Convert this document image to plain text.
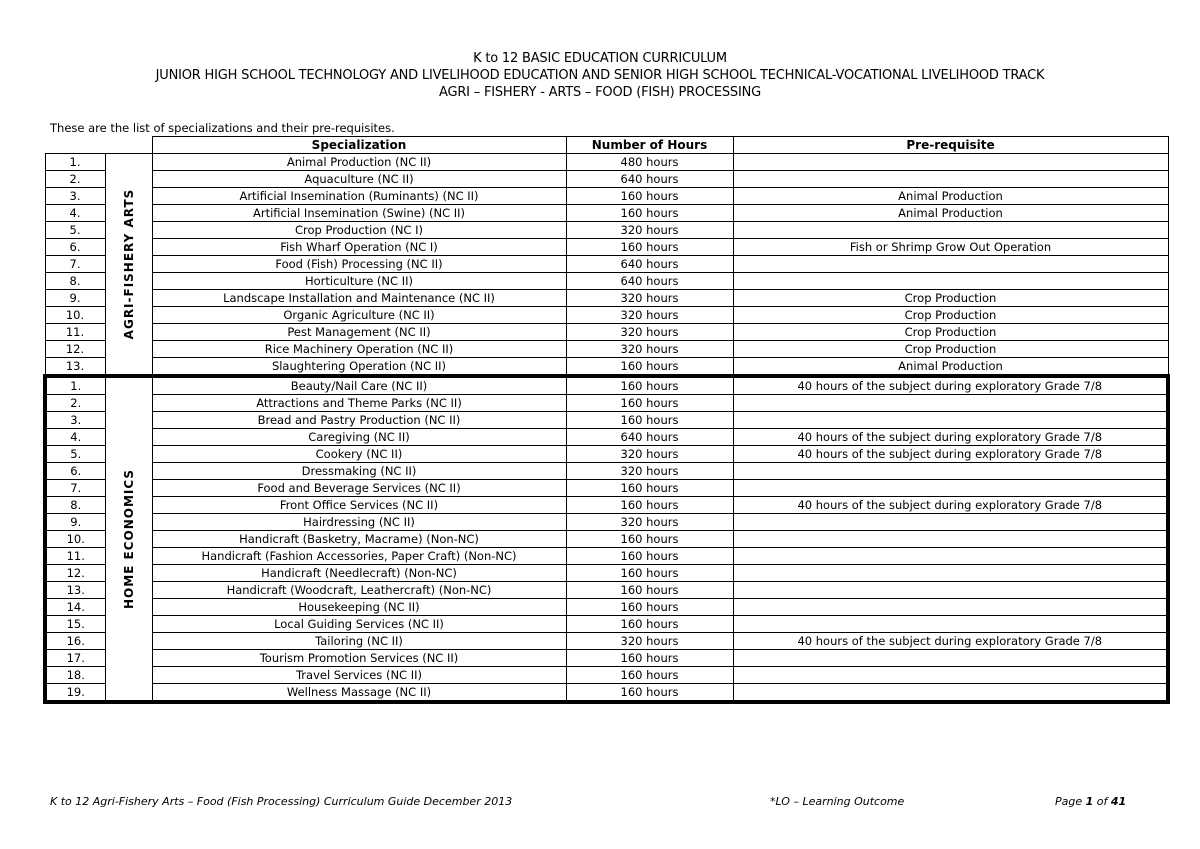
K to 12 BASIC EDUCATION CURRICULUM
JUNIOR HIGH SCHOOL TECHNOLOGY AND LIVELIHOOD EDUCATION AND SENIOR HIGH SCHOOL TECHNICAL-VOCATIONAL LIVELIHOOD TRACK
AGRI – FISHERY - ARTS – FOOD (FISH) PROCESSING
These are the list of specializations and their pre-requisites.
		Specialization	Number of Hours	Pre-requisite
1.	AGRI-FISHERY ARTS	Animal Production (NC II)	480 hours	
2.		Aquaculture (NC II)	640 hours	
3.		Artificial Insemination (Ruminants) (NC II)	160 hours	Animal Production
4.		Artificial Insemination (Swine) (NC II)	160 hours	Animal Production
5.		Crop Production (NC I)	320 hours	
6.		Fish Wharf Operation (NC I)	160 hours	Fish or Shrimp Grow Out Operation
7.		Food (Fish) Processing (NC II)	640 hours	
8.		Horticulture (NC II)	640 hours	
9.		Landscape Installation and Maintenance (NC II)	320 hours	Crop Production
10.		Organic Agriculture (NC II)	320 hours	Crop Production
11.		Pest Management (NC II)	320 hours	Crop Production
12.		Rice Machinery Operation (NC II)	320 hours	Crop Production
13.		Slaughtering Operation (NC II)	160 hours	Animal Production
1.	HOME ECONOMICS	Beauty/Nail Care (NC II)	160 hours	40 hours of the subject during exploratory Grade 7/8
2.		Attractions and Theme Parks (NC II)	160 hours	
3.		Bread and Pastry Production (NC II)	160 hours	
4.		Caregiving (NC II)	640 hours	40 hours of the subject during exploratory Grade 7/8
5.		Cookery (NC II)	320 hours	40 hours of the subject during exploratory Grade 7/8
6.		Dressmaking (NC II)	320 hours	
7.		Food and Beverage Services (NC II)	160 hours	
8.		Front Office Services (NC II)	160 hours	40 hours of the subject during exploratory Grade 7/8
9.		Hairdressing (NC II)	320 hours	
10.		Handicraft (Basketry, Macrame) (Non-NC)	160 hours	
11.		Handicraft (Fashion Accessories, Paper Craft) (Non-NC)	160 hours	
12.		Handicraft (Needlecraft) (Non-NC)	160 hours	
13.		Handicraft (Woodcraft, Leathercraft) (Non-NC)	160 hours	
14.		Housekeeping (NC II)	160 hours	
15.		Local Guiding Services (NC II)	160 hours	
16.		Tailoring (NC II)	320 hours	40 hours of the subject during exploratory Grade 7/8
17.		Tourism Promotion Services (NC II)	160 hours	
18.		Travel Services (NC II)	160 hours	
19.		Wellness Massage (NC II)	160 hours	
K to 12 Agri-Fishery Arts – Food (Fish Processing) Curriculum Guide December 2013	*LO – Learning Outcome	Page 1 of 41
